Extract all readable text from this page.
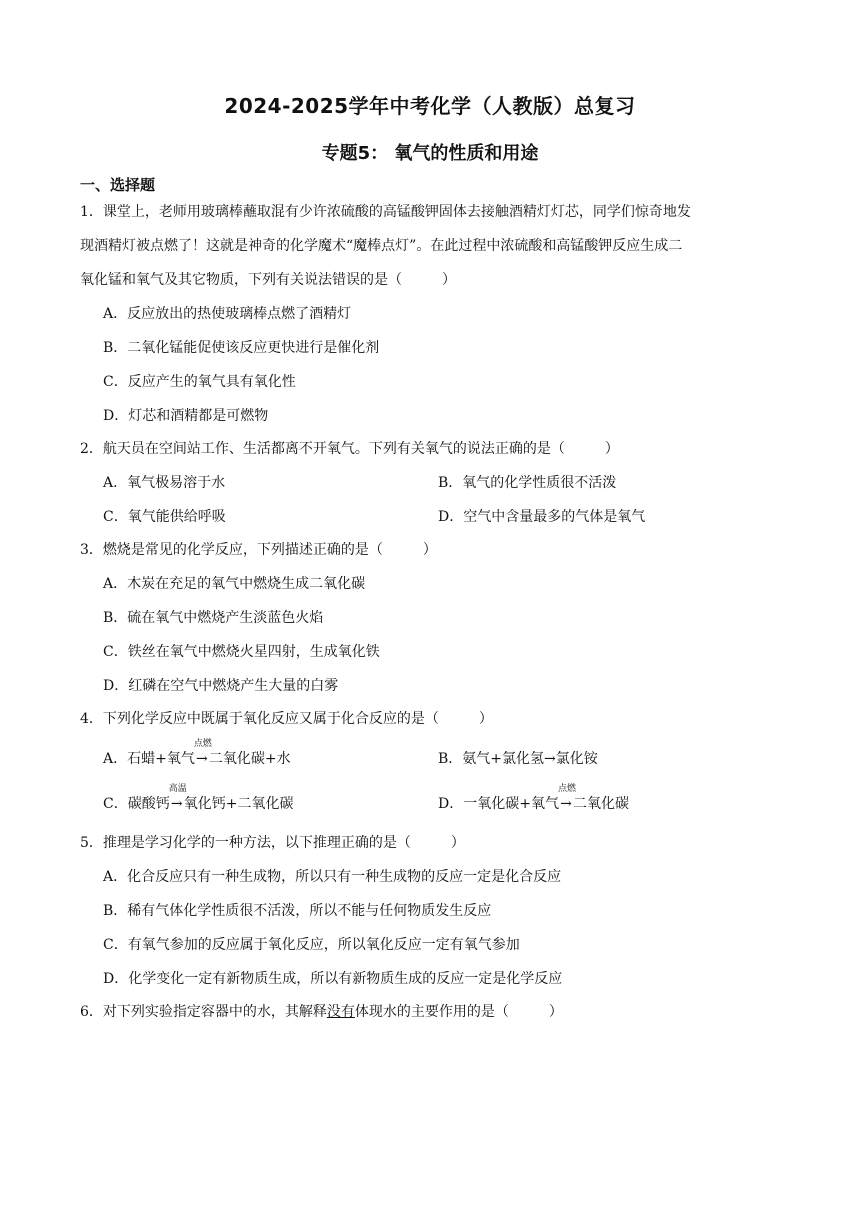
2024-2025学年中考化学（人教版）总复习
专题5： 氧气的性质和用途
一、选择题
1．课堂上，老师用玻璃棒蘸取混有少许浓硫酸的高锰酸钾固体去接触酒精灯灯芯，同学们惊奇地发
现酒精灯被点燃了！这就是神奇的化学魔术“魔棒点灯”。在此过程中浓硫酸和高锰酸钾反应生成二
氧化锰和氧气及其它物质，下列有关说法错误的是（	）
A．反应放出的热使玻璃棒点燃了酒精灯
B．二氧化锰能促使该反应更快进行是催化剂
C．反应产生的氧气具有氧化性
D．灯芯和酒精都是可燃物
2．航天员在空间站工作、生活都离不开氧气。下列有关氧气的说法正确的是（	）
A．氧气极易溶于水	B．氧气的化学性质很不活泼
C．氧气能供给呼吸	D．空气中含量最多的气体是氧气
3．燃烧是常见的化学反应，下列描述正确的是（	）
A．木炭在充足的氧气中燃烧生成二氧化碳
B．硫在氧气中燃烧产生淡蓝色火焰
C．铁丝在氧气中燃烧火星四射，生成氧化铁
D．红磷在空气中燃烧产生大量的白雾
4．下列化学反应中既属于氧化反应又属于化合反应的是（	）
A．石蜡+氧气
点燃
→二氧化碳+水	B．氨气+氯化氢→氯化铵
C．碳酸钙
高温
→氧化钙+二氧化碳	D．一氧化碳+氧气
点燃
→二氧化碳
5．推理是学习化学的一种方法，以下推理正确的是（	）
A．化合反应只有一种生成物，所以只有一种生成物的反应一定是化合反应
B．稀有气体化学性质很不活泼，所以不能与任何物质发生反应
C．有氧气参加的反应属于氧化反应，所以氧化反应一定有氧气参加
D．化学变化一定有新物质生成，所以有新物质生成的反应一定是化学反应
6．对下列实验指定容器中的水，其解释没有体现水的主要作用的是（	）
